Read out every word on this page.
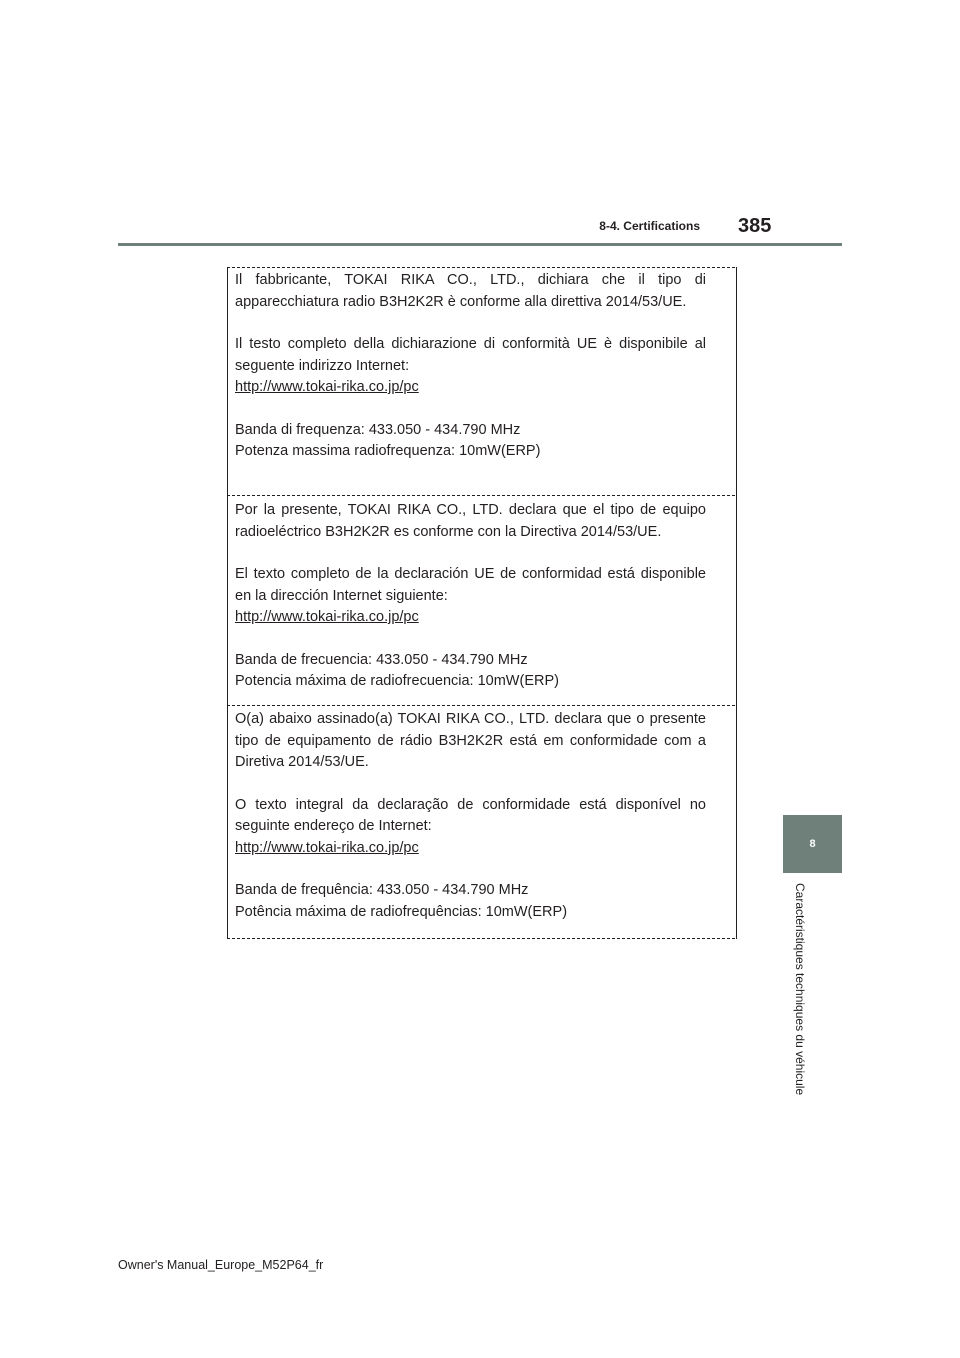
8-4. Certifications 385

Il fabbricante, TOKAI RIKA CO., LTD., dichiara che il tipo di apparecchiatura radio B3H2K2R è conforme alla direttiva 2014/53/UE.

Il testo completo della dichiarazione di conformità UE è disponibile al seguente indirizzo Internet:
http://www.tokai-rika.co.jp/pc

Banda di frequenza: 433.050 - 434.790 MHz
Potenza massima radiofrequenza: 10mW(ERP)

Por la presente, TOKAI RIKA CO., LTD. declara que el tipo de equipo radioeléctrico B3H2K2R es conforme con la Directiva 2014/53/UE.

El texto completo de la declaración UE de conformidad está disponible en la dirección Internet siguiente:
http://www.tokai-rika.co.jp/pc

Banda de frecuencia: 433.050 - 434.790 MHz
Potencia máxima de radiofrecuencia: 10mW(ERP)

O(a) abaixo assinado(a) TOKAI RIKA CO., LTD. declara que o presente tipo de equipamento de rádio B3H2K2R está em conformidade com a Diretiva 2014/53/UE.

O texto integral da declaração de conformidade está disponível no seguinte endereço de Internet:
http://www.tokai-rika.co.jp/pc

Banda de frequência: 433.050 - 434.790 MHz
Potência máxima de radiofrequências: 10mW(ERP)

8
Caractéristiques techniques du véhicule
Owner's Manual_Europe_M52P64_fr
